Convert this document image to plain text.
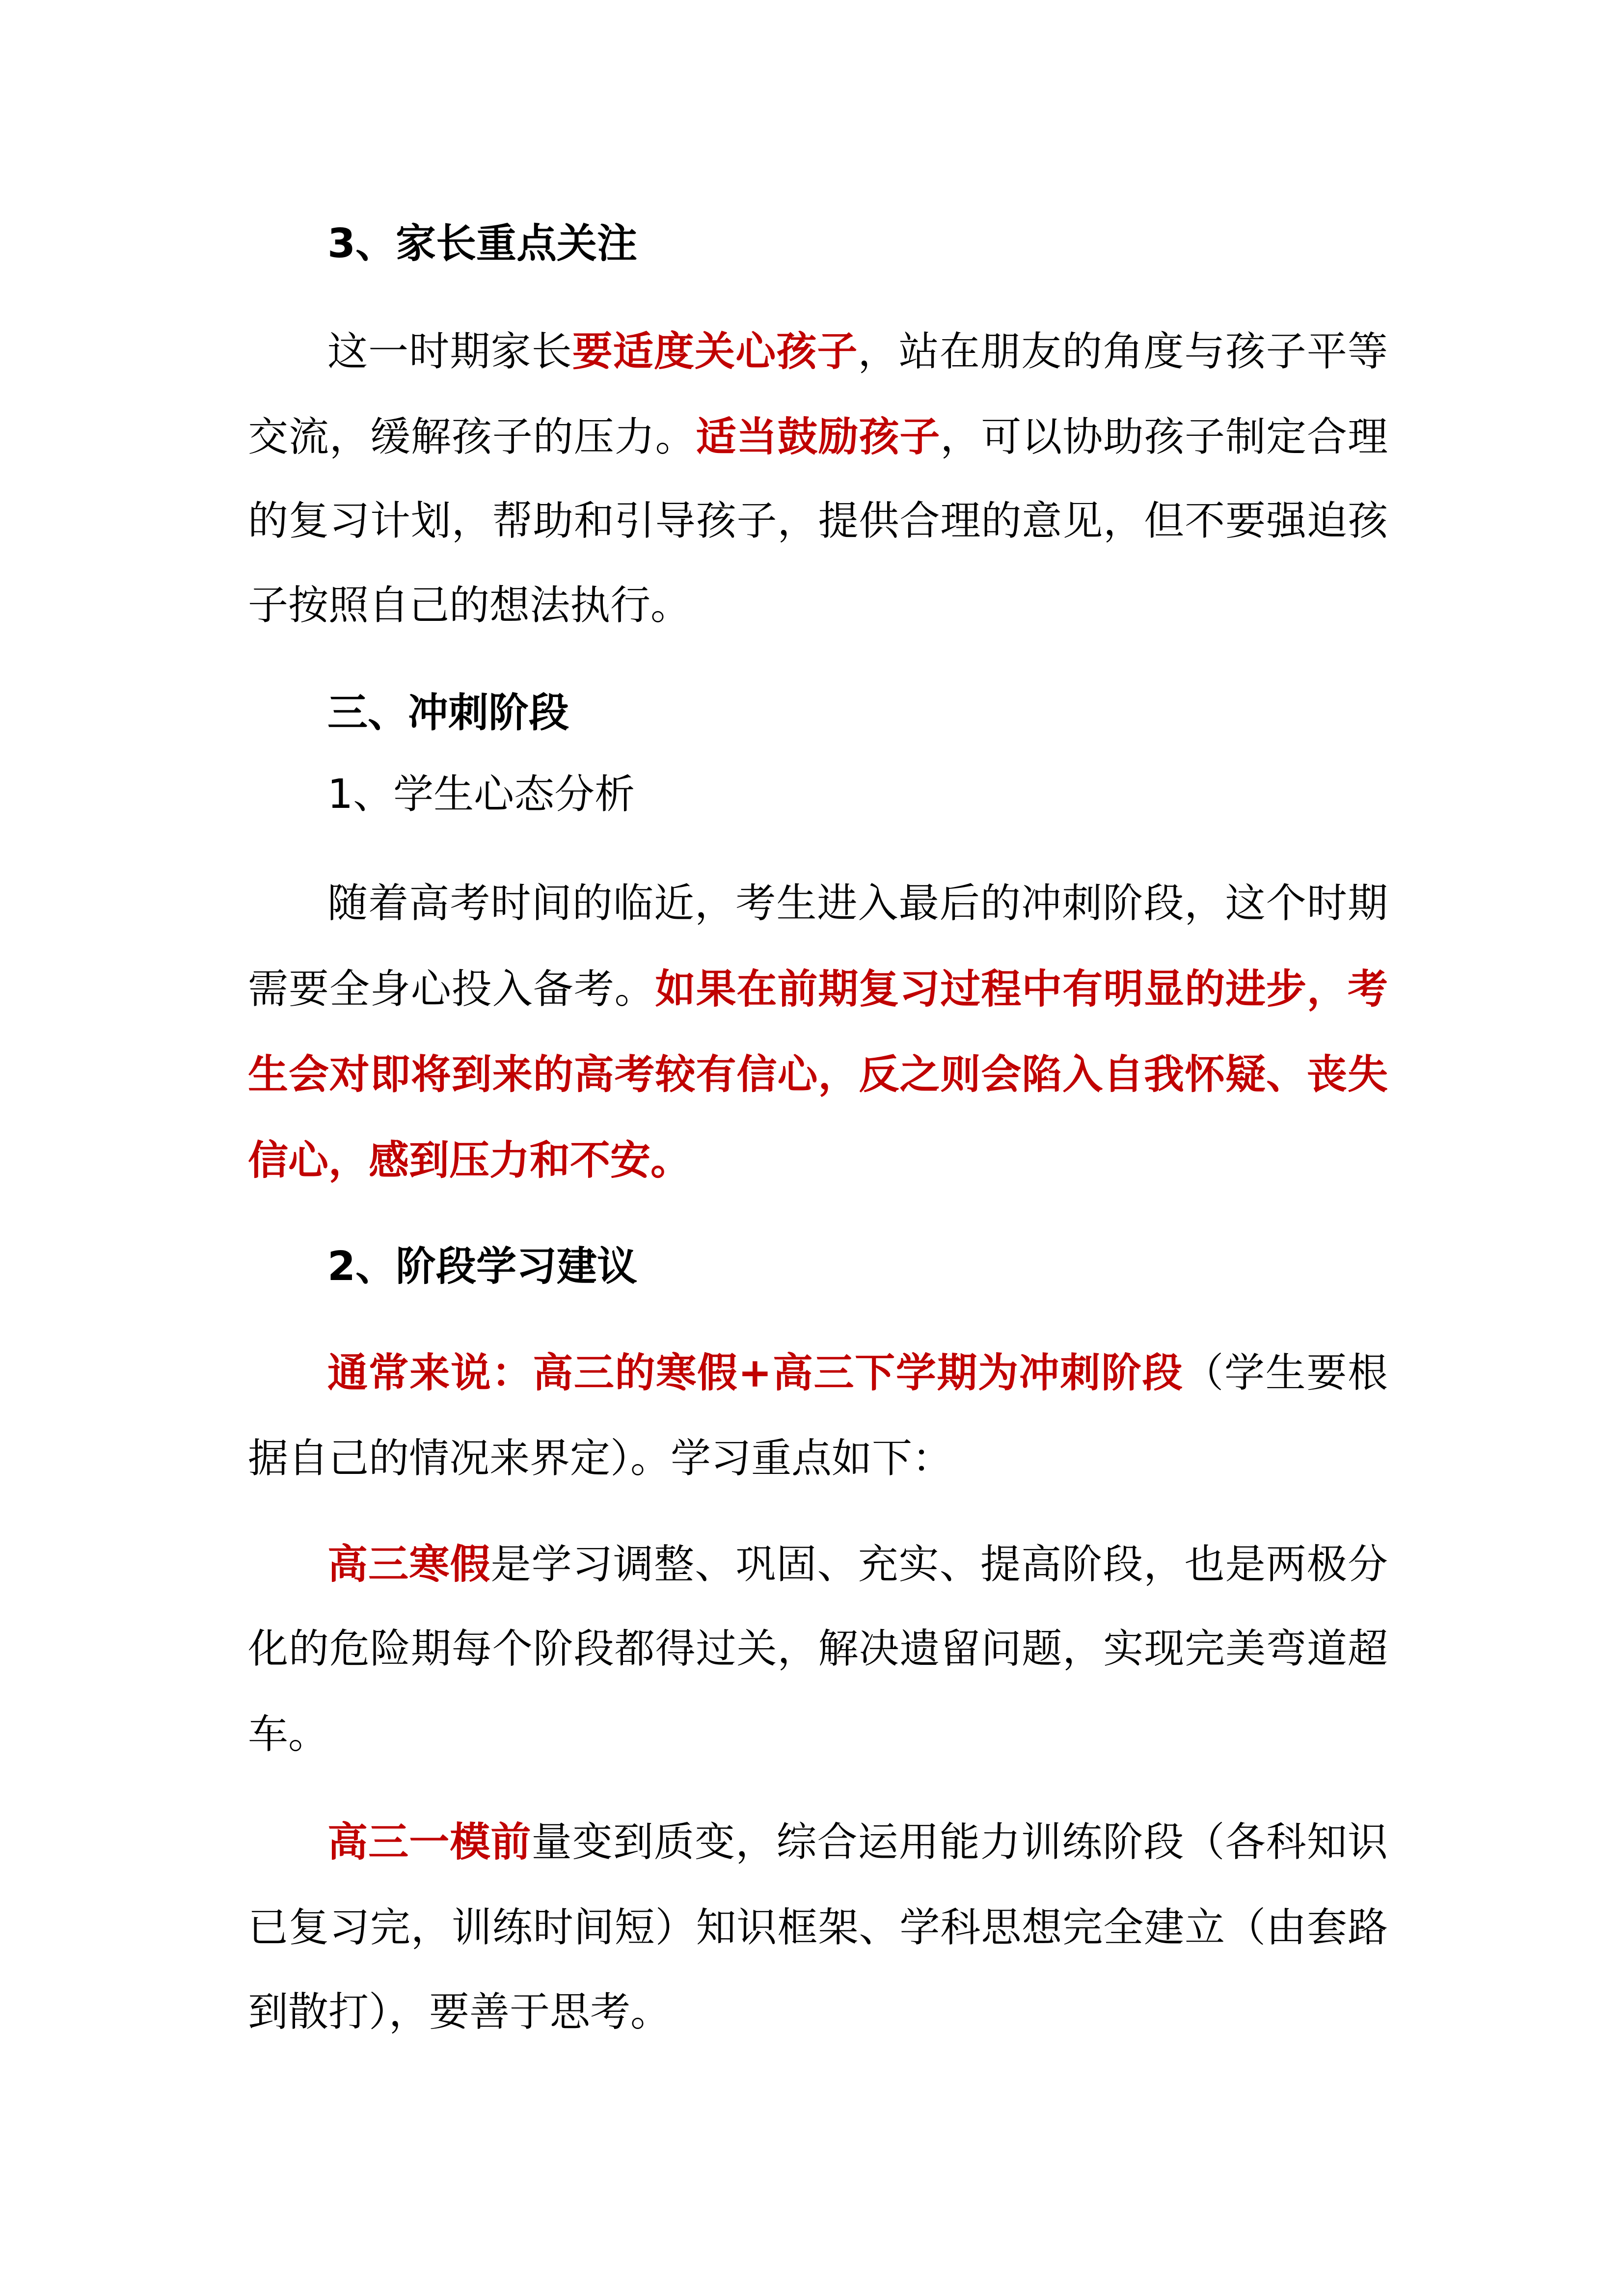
3、家长重点关注
这一时期家长要适度关心孩子，站在朋友的角度与孩子平等
交流，缓解孩子的压力。适当鼓励孩子，可以协助孩子制定合理
的复习计划，帮助和引导孩子，提供合理的意见，但不要强迫孩
子按照自己的想法执行。
三、冲刺阶段
1、学生心态分析
随着高考时间的临近，考生进入最后的冲刺阶段，这个时期
需要全身心投入备考。如果在前期复习过程中有明显的进步，考
生会对即将到来的高考较有信心，反之则会陷入自我怀疑、丧失
信心，感到压力和不安。
2、阶段学习建议
通常来说：高三的寒假+高三下学期为冲刺阶段（学生要根
据自己的情况来界定）。学习重点如下：
高三寒假是学习调整、巩固、充实、提高阶段，也是两极分
化的危险期每个阶段都得过关，解决遗留问题，实现完美弯道超
车。
高三一模前量变到质变，综合运用能力训练阶段（各科知识
已复习完，训练时间短）知识框架、学科思想完全建立（由套路
到散打），要善于思考。
